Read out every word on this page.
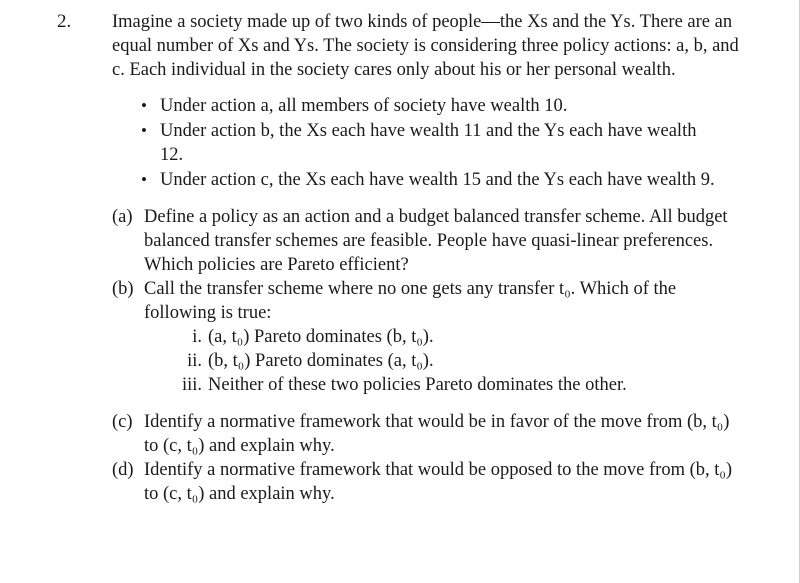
2. Imagine a society made up of two kinds of people—the Xs and the Ys. There are an equal number of Xs and Ys. The society is considering three policy actions: a, b, and c. Each individual in the society cares only about his or her personal wealth.

• Under action a, all members of society have wealth 10.
• Under action b, the Xs each have wealth 11 and the Ys each have wealth 12.
• Under action c, the Xs each have wealth 15 and the Ys each have wealth 9.
(a) Define a policy as an action and a budget balanced transfer scheme. All budget balanced transfer schemes are feasible. People have quasi-linear preferences. Which policies are Pareto efficient?
(b) Call the transfer scheme where no one gets any transfer t₀. Which of the following is true:
i. (a, t₀) Pareto dominates (b, t₀).
ii. (b, t₀) Pareto dominates (a, t₀).
iii. Neither of these two policies Pareto dominates the other.
(c) Identify a normative framework that would be in favor of the move from (b, t₀) to (c, t₀) and explain why.
(d) Identify a normative framework that would be opposed to the move from (b, t₀) to (c, t₀) and explain why.
